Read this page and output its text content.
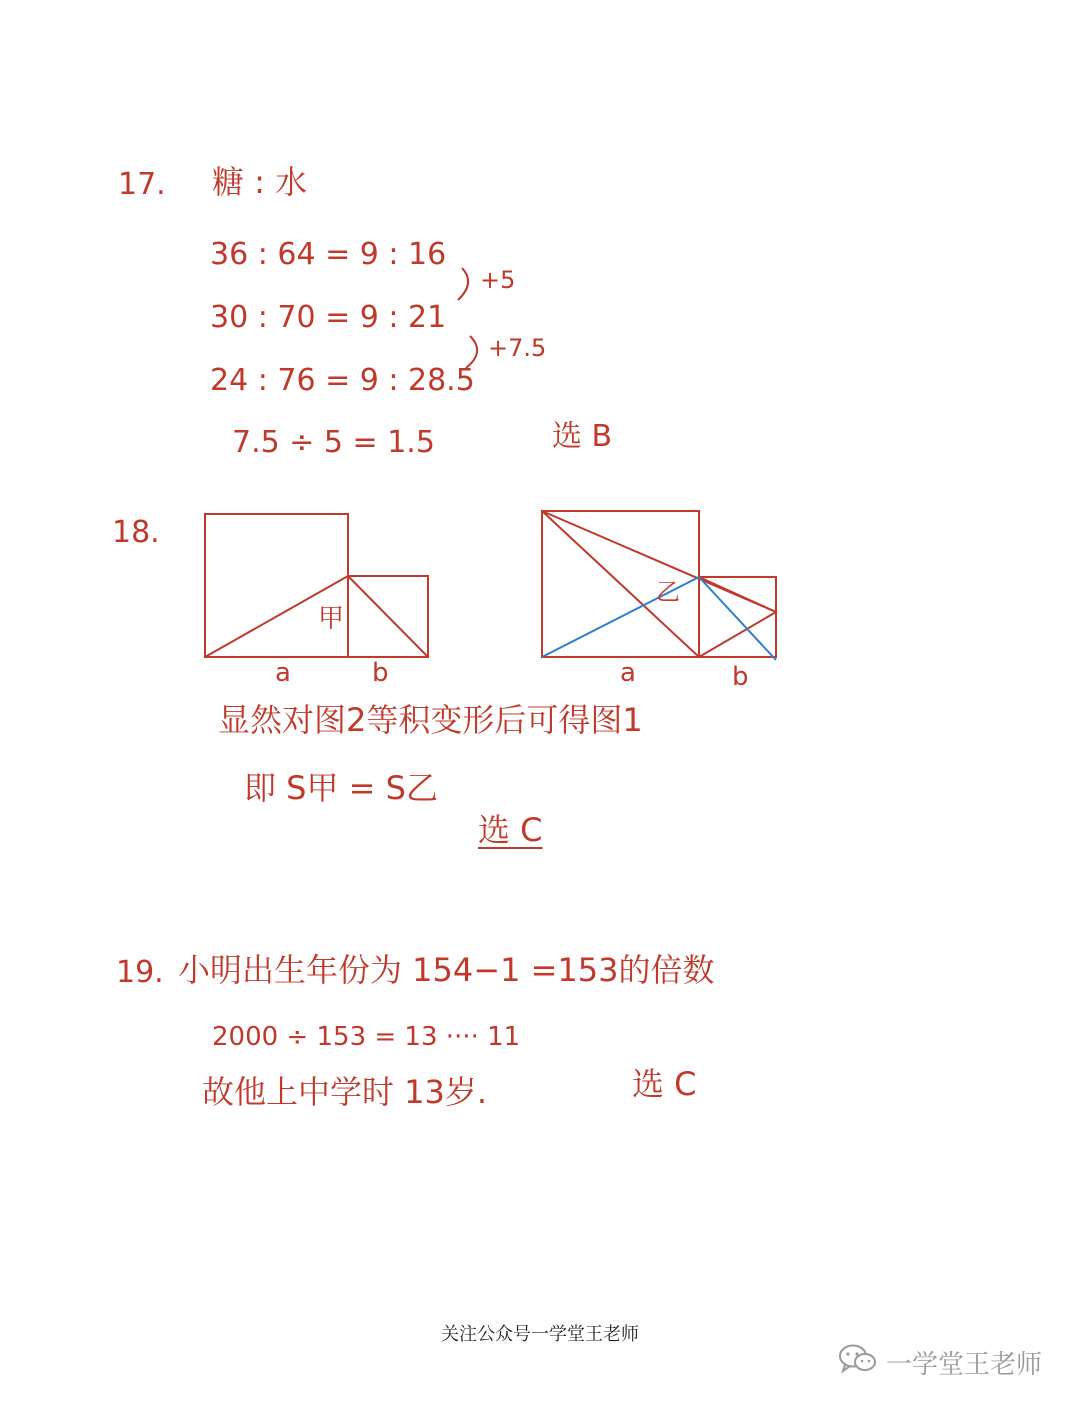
17. 糖 : 水
36 : 64 = 9 : 16
30 : 70 = 9 : 21
24 : 76 = 9 : 28.5
+5
+7.5
7.5 ÷ 5 = 1.5	选 B
18.
甲
乙
a	b	a	b
显然对图2等积变形后可得图1
即 S甲 = S乙
选 C
19. 小明出生年份为 154−1 =153的倍数
2000 ÷ 153 = 13 ···· 11
故他上中学时 13岁.	选 C
关注公众号一学堂王老师
一学堂王老师
